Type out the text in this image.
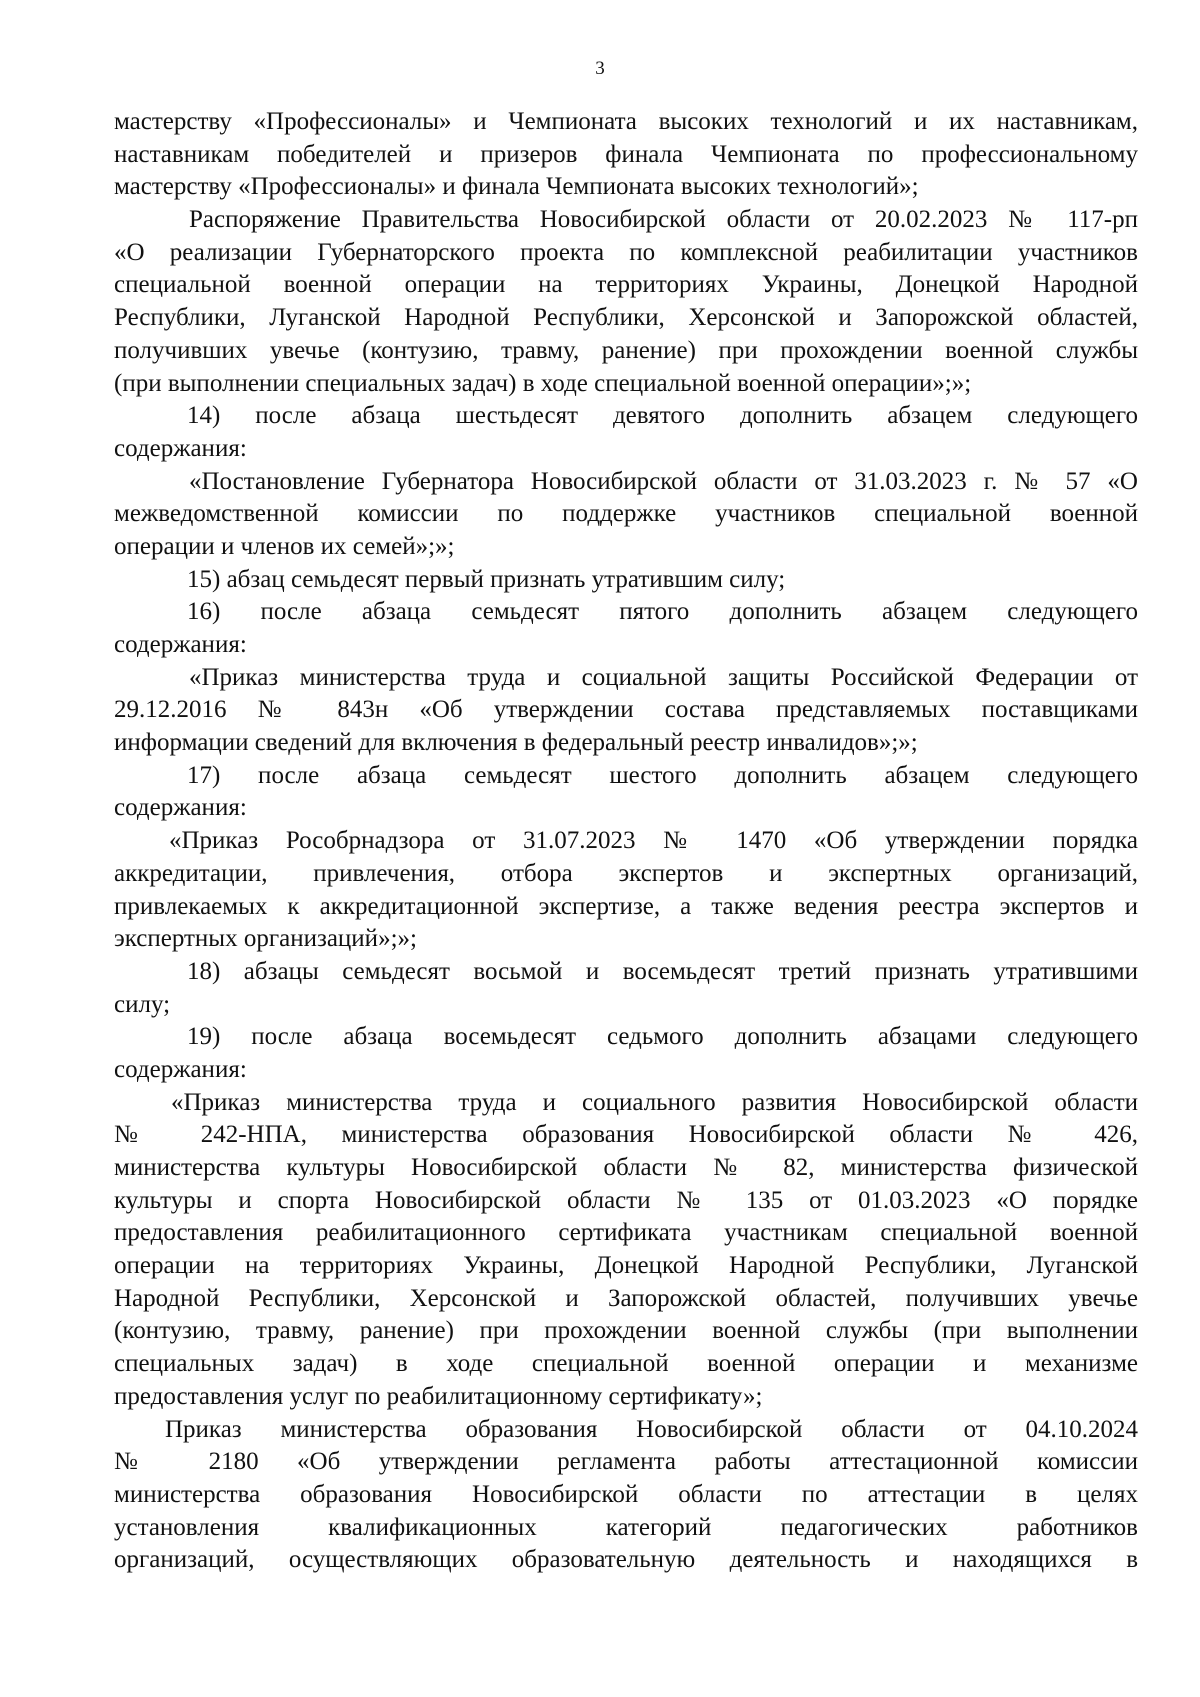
3
мастерству «Профессионалы» и Чемпионата высоких технологий и их наставникам,
наставникам победителей и призеров финала Чемпионата по профессиональному
мастерству «Профессионалы» и финала Чемпионата высоких технологий»;
Распоряжение Правительства Новосибирской области от 20.02.2023 № 117-рп
«О реализации Губернаторского проекта по комплексной реабилитации участников
специальной военной операции на территориях Украины, Донецкой Народной
Республики, Луганской Народной Республики, Херсонской и Запорожской областей,
получивших увечье (контузию, травму, ранение) при прохождении военной службы
(при выполнении специальных задач) в ходе специальной военной операции»;»;
14) после абзаца шестьдесят девятого дополнить абзацем следующего
содержания:
«Постановление Губернатора Новосибирской области от 31.03.2023 г. № 57 «О
межведомственной комиссии по поддержке участников специальной военной
операции и членов их семей»;»;
15) абзац семьдесят первый признать утратившим силу;
16) после абзаца семьдесят пятого дополнить абзацем следующего
содержания:
«Приказ министерства труда и социальной защиты Российской Федерации от
29.12.2016 № 843н «Об утверждении состава представляемых поставщиками
информации сведений для включения в федеральный реестр инвалидов»;»;
17) после абзаца семьдесят шестого дополнить абзацем следующего
содержания:
«Приказ Рособрнадзора от 31.07.2023 № 1470 «Об утверждении порядка
аккредитации, привлечения, отбора экспертов и экспертных организаций,
привлекаемых к аккредитационной экспертизе, а также ведения реестра экспертов и
экспертных организаций»;»;
18) абзацы семьдесят восьмой и восемьдесят третий признать утратившими
силу;
19) после абзаца восемьдесят седьмого дополнить абзацами следующего
содержания:
«Приказ министерства труда и социального развития Новосибирской области
№ 242-НПА, министерства образования Новосибирской области № 426,
министерства культуры Новосибирской области № 82, министерства физической
культуры и спорта Новосибирской области № 135 от 01.03.2023 «О порядке
предоставления реабилитационного сертификата участникам специальной военной
операции на территориях Украины, Донецкой Народной Республики, Луганской
Народной Республики, Херсонской и Запорожской областей, получивших увечье
(контузию, травму, ранение) при прохождении военной службы (при выполнении
специальных задач) в ходе специальной военной операции и механизме
предоставления услуг по реабилитационному сертификату»;
Приказ министерства образования Новосибирской области от 04.10.2024
№ 2180 «Об утверждении регламента работы аттестационной комиссии
министерства образования Новосибирской области по аттестации в целях
установления квалификационных категорий педагогических работников
организаций, осуществляющих образовательную деятельность и находящихся в
